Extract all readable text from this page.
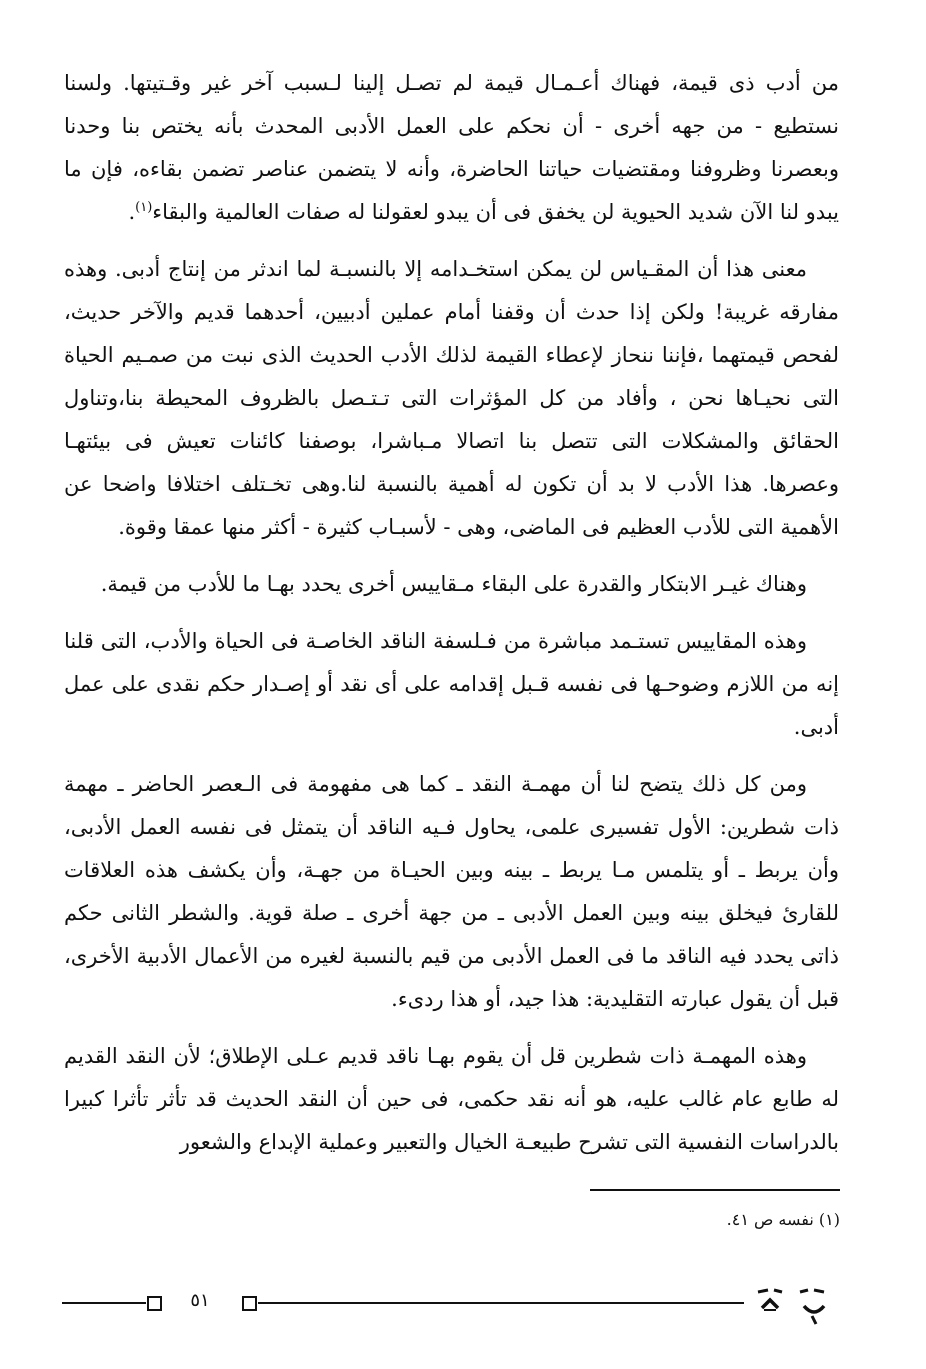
من أدب ذى قيمة، فهناك أعـمـال قيمة لم تصـل إلينا لـسبب آخر غير وقـتيتها. ولسنا نستطيع - من جهه أخرى - أن نحكم على العمل الأدبى المحدث بأنه يختص بنا وحدنا وبعصرنا وظروفنا ومقتضيات حياتنا الحاضرة، وأنه لا يتضمن عناصر تضمن بقاءه، فإن ما يبدو لنا الآن شديد الحيوية لن يخفق فى أن يبدو لعقولنا له صفات العالمية والبقاء$^{(١)}$.

معنى هذا أن المقـياس لن يمكن استخـدامه إلا بالنسبـة لما اندثر من إنتاج أدبى. وهذه مفارقه غريبة! ولكن إذا حدث أن وقفنا أمام عملين أدبيين، أحدهما قديم والآخر حديث، لفحص قيمتهما ،فإننا ننحاز لإعطاء القيمة لذلك الأدب الحديث الذى نبت من صمـيم الحياة التى نحيـاها نحن ، وأفاد من كل المؤثرات التى تـتـصل بالظروف المحيطة بنا،وتناول الحقائق والمشكلات التى تتصل بنا اتصالا مـباشرا، بوصفنا كائنات تعيش فى بيئتهـا وعصرها. هذا الأدب لا بد أن تكون له أهمية بالنسبة لنا.وهى تخـتلف اختلافا واضحا عن الأهمية التى للأدب العظيم فى الماضى، وهى - لأسبـاب كثيرة - أكثر منها عمقا وقوة.

وهناك غيـر الابتكار والقدرة على البقاء مـقاييس أخرى يحدد بهـا ما للأدب من قيمة.

وهذه المقاييس تستـمد مباشرة من فـلسفة الناقد الخاصـة فى الحياة والأدب، التى قلنا إنه من اللازم وضوحـها فى نفسه قـبل إقدامه على أى نقد أو إصـدار حكم نقدى على عمل أدبى.

ومن كل ذلك يتضح لنا أن مهمـة النقد ـ كما هى مفهومة فى الـعصر الحاضر ـ مهمة ذات شطرين: الأول تفسيرى علمى، يحاول فـيه الناقد أن يتمثل فى نفسه العمل الأدبى، وأن يربط ـ أو يتلمس مـا يربط ـ بينه وبين الحيـاة من جهـة، وأن يكشف هذه العلاقات للقارئ فيخلق بينه وبين العمل الأدبى ـ من جهة أخرى ـ صلة قوية. والشطر الثانى حكم ذاتى يحدد فيه الناقد ما فى العمل الأدبى من قيم بالنسبة لغيره من الأعمال الأدبية الأخرى، قبل أن يقول عبارته التقليدية: هذا جيد، أو هذا ردىء.

وهذه المهمـة ذات شطرين قل أن يقوم بهـا ناقد قديم عـلى الإطلاق؛ لأن النقد القديم له طابع عام غالب عليه، هو أنه نقد حكمى، فى حين أن النقد الحديث قد تأثر تأثرا كبيرا بالدراسات النفسية التى تشرح طبيعـة الخيال والتعبير وعملية الإبداع والشعور

(١) نفسه ص ٤١.
٥١
